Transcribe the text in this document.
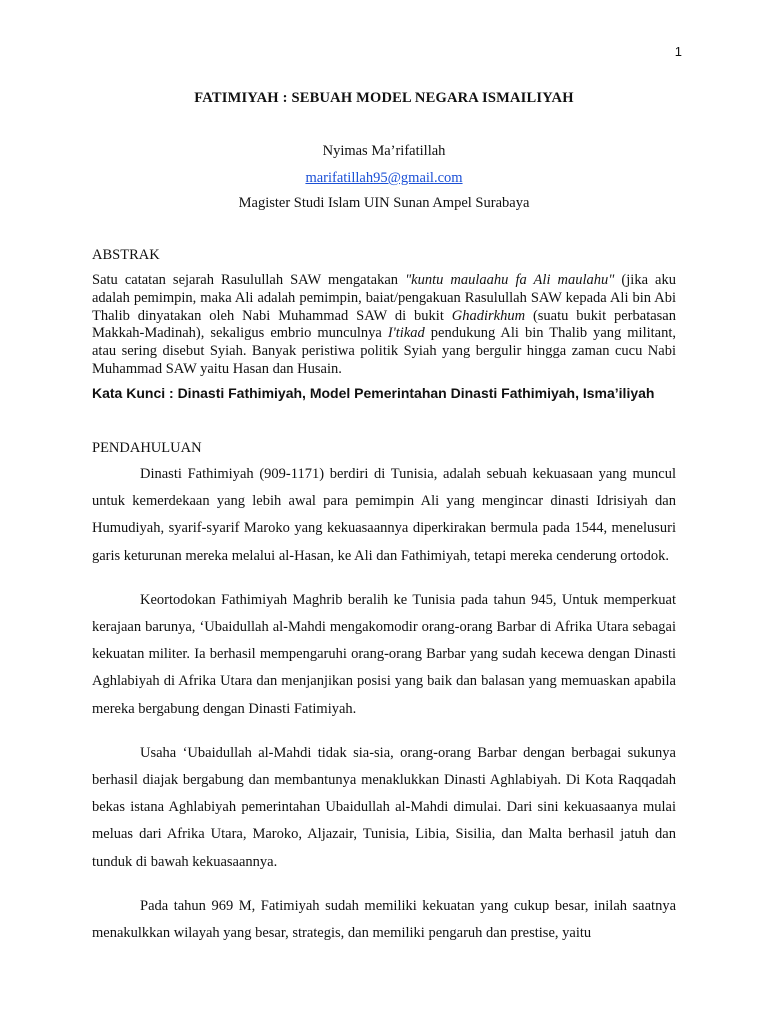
1
FATIMIYAH : SEBUAH MODEL NEGARA ISMAILIYAH
Nyimas Ma’rifatillah
marifatillah95@gmail.com
Magister Studi Islam UIN Sunan Ampel Surabaya
ABSTRAK

Satu catatan sejarah Rasulullah SAW mengatakan "kuntu maulaahu fa Ali maulahu" (jika aku adalah pemimpin, maka Ali adalah pemimpin, baiat/pengakuan Rasulullah SAW kepada Ali bin Abi Thalib dinyatakan oleh Nabi Muhammad SAW di bukit Ghadirkhum (suatu bukit perbatasan Makkah-Madinah), sekaligus embrio munculnya I'tikad pendukung Ali bin Thalib yang militant, atau sering disebut Syiah. Banyak peristiwa politik Syiah yang bergulir hingga zaman cucu Nabi Muhammad SAW yaitu Hasan dan Husain.

Kata Kunci : Dinasti Fathimiyah, Model Pemerintahan Dinasti Fathimiyah, Isma’iliyah
PENDAHULUAN

Dinasti Fathimiyah (909-1171) berdiri di Tunisia, adalah sebuah kekuasaan yang muncul untuk kemerdekaan yang lebih awal para pemimpin Ali yang mengincar dinasti Idrisiyah dan Humudiyah, syarif-syarif Maroko yang kekuasaannya diperkirakan bermula pada 1544, menelusuri garis keturunan mereka melalui al-Hasan, ke Ali dan Fathimiyah, tetapi mereka cenderung ortodok.

Keortodokan Fathimiyah Maghrib beralih ke Tunisia pada tahun 945, Untuk memperkuat kerajaan barunya, ‘Ubaidullah al-Mahdi mengakomodir orang-orang Barbar di Afrika Utara sebagai kekuatan militer. Ia berhasil mempengaruhi orang-orang Barbar yang sudah kecewa dengan Dinasti Aghlabiyah di Afrika Utara dan menjanjikan posisi yang baik dan balasan yang memuaskan apabila mereka bergabung dengan Dinasti Fatimiyah.

Usaha ‘Ubaidullah al-Mahdi tidak sia-sia, orang-orang Barbar dengan berbagai sukunya berhasil diajak bergabung dan membantunya menaklukkan Dinasti Aghlabiyah. Di Kota Raqqadah bekas istana Aghlabiyah pemerintahan Ubaidullah al-Mahdi dimulai. Dari sini kekuasaanya mulai meluas dari Afrika Utara, Maroko, Aljazair, Tunisia, Libia, Sisilia, dan Malta berhasil jatuh dan tunduk di bawah kekuasaannya.

Pada tahun 969 M, Fatimiyah sudah memiliki kekuatan yang cukup besar, inilah saatnya menakulkkan wilayah yang besar, strategis, dan memiliki pengaruh dan prestise, yaitu
